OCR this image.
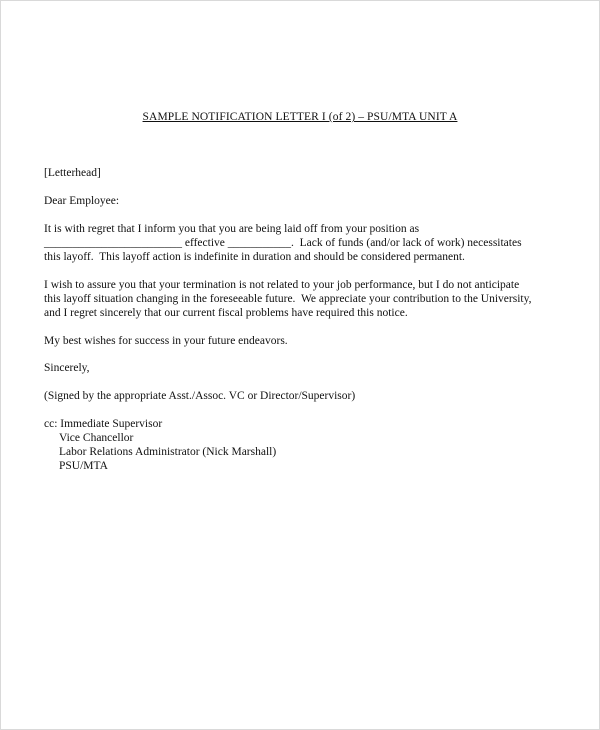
SAMPLE NOTIFICATION LETTER I (of 2) – PSU/MTA UNIT A
[Letterhead]
Dear Employee:
It is with regret that I inform you that you are being laid off from your position as
________________________ effective ___________.  Lack of funds (and/or lack of work) necessitates
this layoff.  This layoff action is indefinite in duration and should be considered permanent.
I wish to assure you that your termination is not related to your job performance, but I do not anticipate
this layoff situation changing in the foreseeable future.  We appreciate your contribution to the University,
and I regret sincerely that our current fiscal problems have required this notice.
My best wishes for success in your future endeavors.
Sincerely,
(Signed by the appropriate Asst./Assoc. VC or Director/Supervisor)
cc: Immediate Supervisor
Vice Chancellor
Labor Relations Administrator (Nick Marshall)
PSU/MTA
